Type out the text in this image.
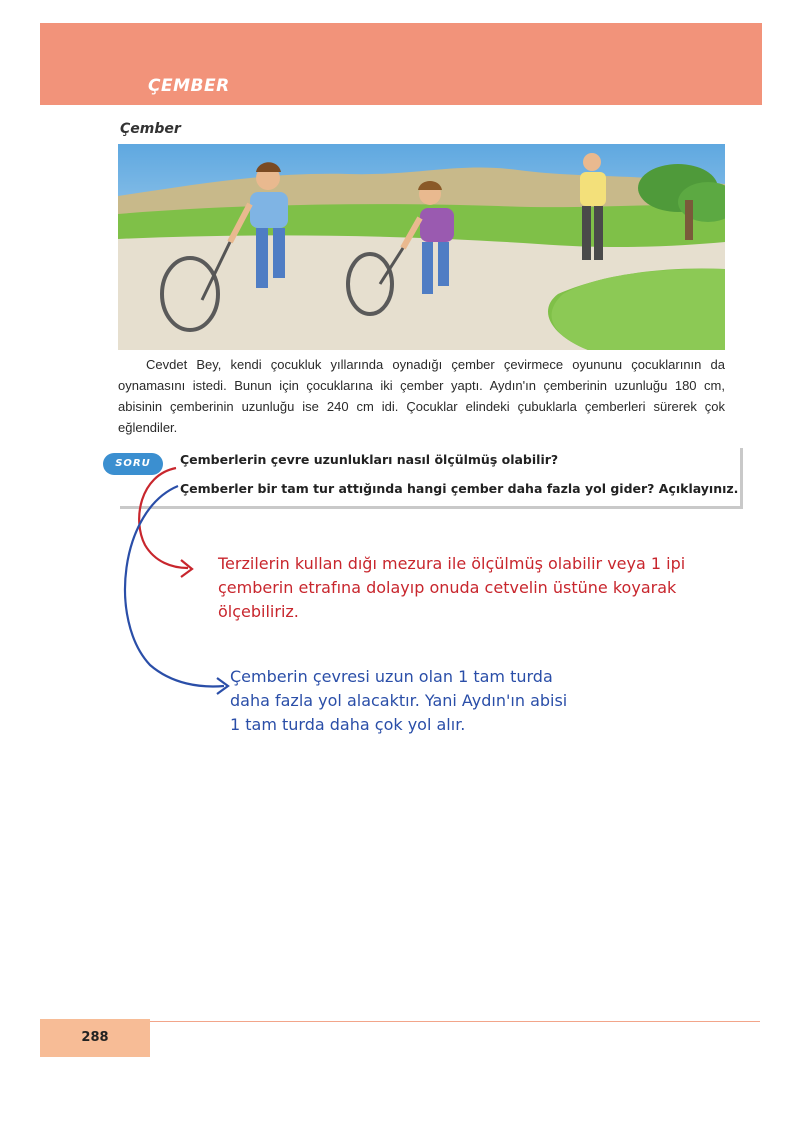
ÇEMBER
Çember

Cevdet Bey, kendi çocukluk yıllarında oynadığı çember çevirmece oyununu çocuklarının da oynamasını istedi. Bunun için çocuklarına iki çember yaptı. Aydın'ın çemberinin uzunluğu 180 cm, abisinin çemberinin uzunluğu ise 240 cm idi. Çocuklar elindeki çubuklarla çemberleri sürerek çok eğlendiler.

SORU	Çemberlerin çevre uzunlukları nasıl ölçülmüş olabilir?
Çemberler bir tam tur attığında hangi çember daha fazla yol gider? Açıklayınız.
Terzilerin kullan dığı mezura ile ölçülmüş olabilir veya 1 ipi
çemberin etrafına dolayıp onuda cetvelin üstüne koyarak
ölçebiliriz.
Çemberin çevresi uzun olan 1 tam turda
daha fazla yol alacaktır. Yani Aydın'ın abisi
1 tam turda daha çok yol alır.
288
